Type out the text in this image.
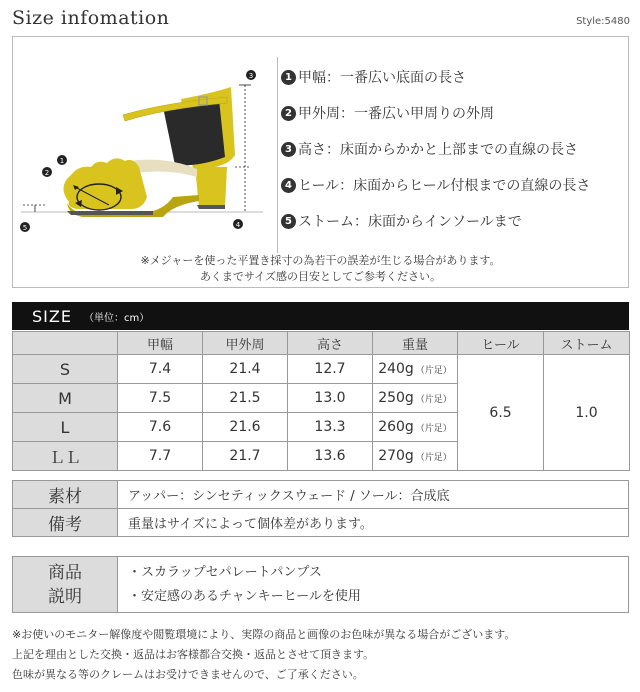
Size infomation	Style:5480
1
2
3
4
5
1 甲幅：一番広い底面の長さ
2 甲外周：一番広い甲周りの外周
3 高さ：床面からかかと上部までの直線の長さ
4 ヒール：床面からヒール付根までの直線の長さ
5 ストーム：床面からインソールまで
※メジャーを使った平置き採寸の為若干の誤差が生じる場合があります。
あくまでサイズ感の目安としてご参考ください。
SIZE （単位：cm）
	甲幅	甲外周	高さ	重量	ヒール	ストーム
S	7.4	21.4	12.7	240g （片足）	6.5	1.0
M	7.5	21.5	13.0	250g （片足）		
L	7.6	21.6	13.3	260g （片足）		
ＬＬ	7.7	21.7	13.6	270g （片足）		
素材	アッパー：シンセティックスウェード / ソール：合成底
備考	重量はサイズによって個体差があります。
商品
説明

・スカラップセパレートパンプス
・安定感のあるチャンキーヒールを使用
※お使いのモニター解像度や閲覧環境により、実際の商品と画像のお色味が異なる場合がございます。
上記を理由とした交換・返品はお客様都合交換・返品とさせて頂きます。
色味が異なる等のクレームはお受けできませんので、ご了承ください。
